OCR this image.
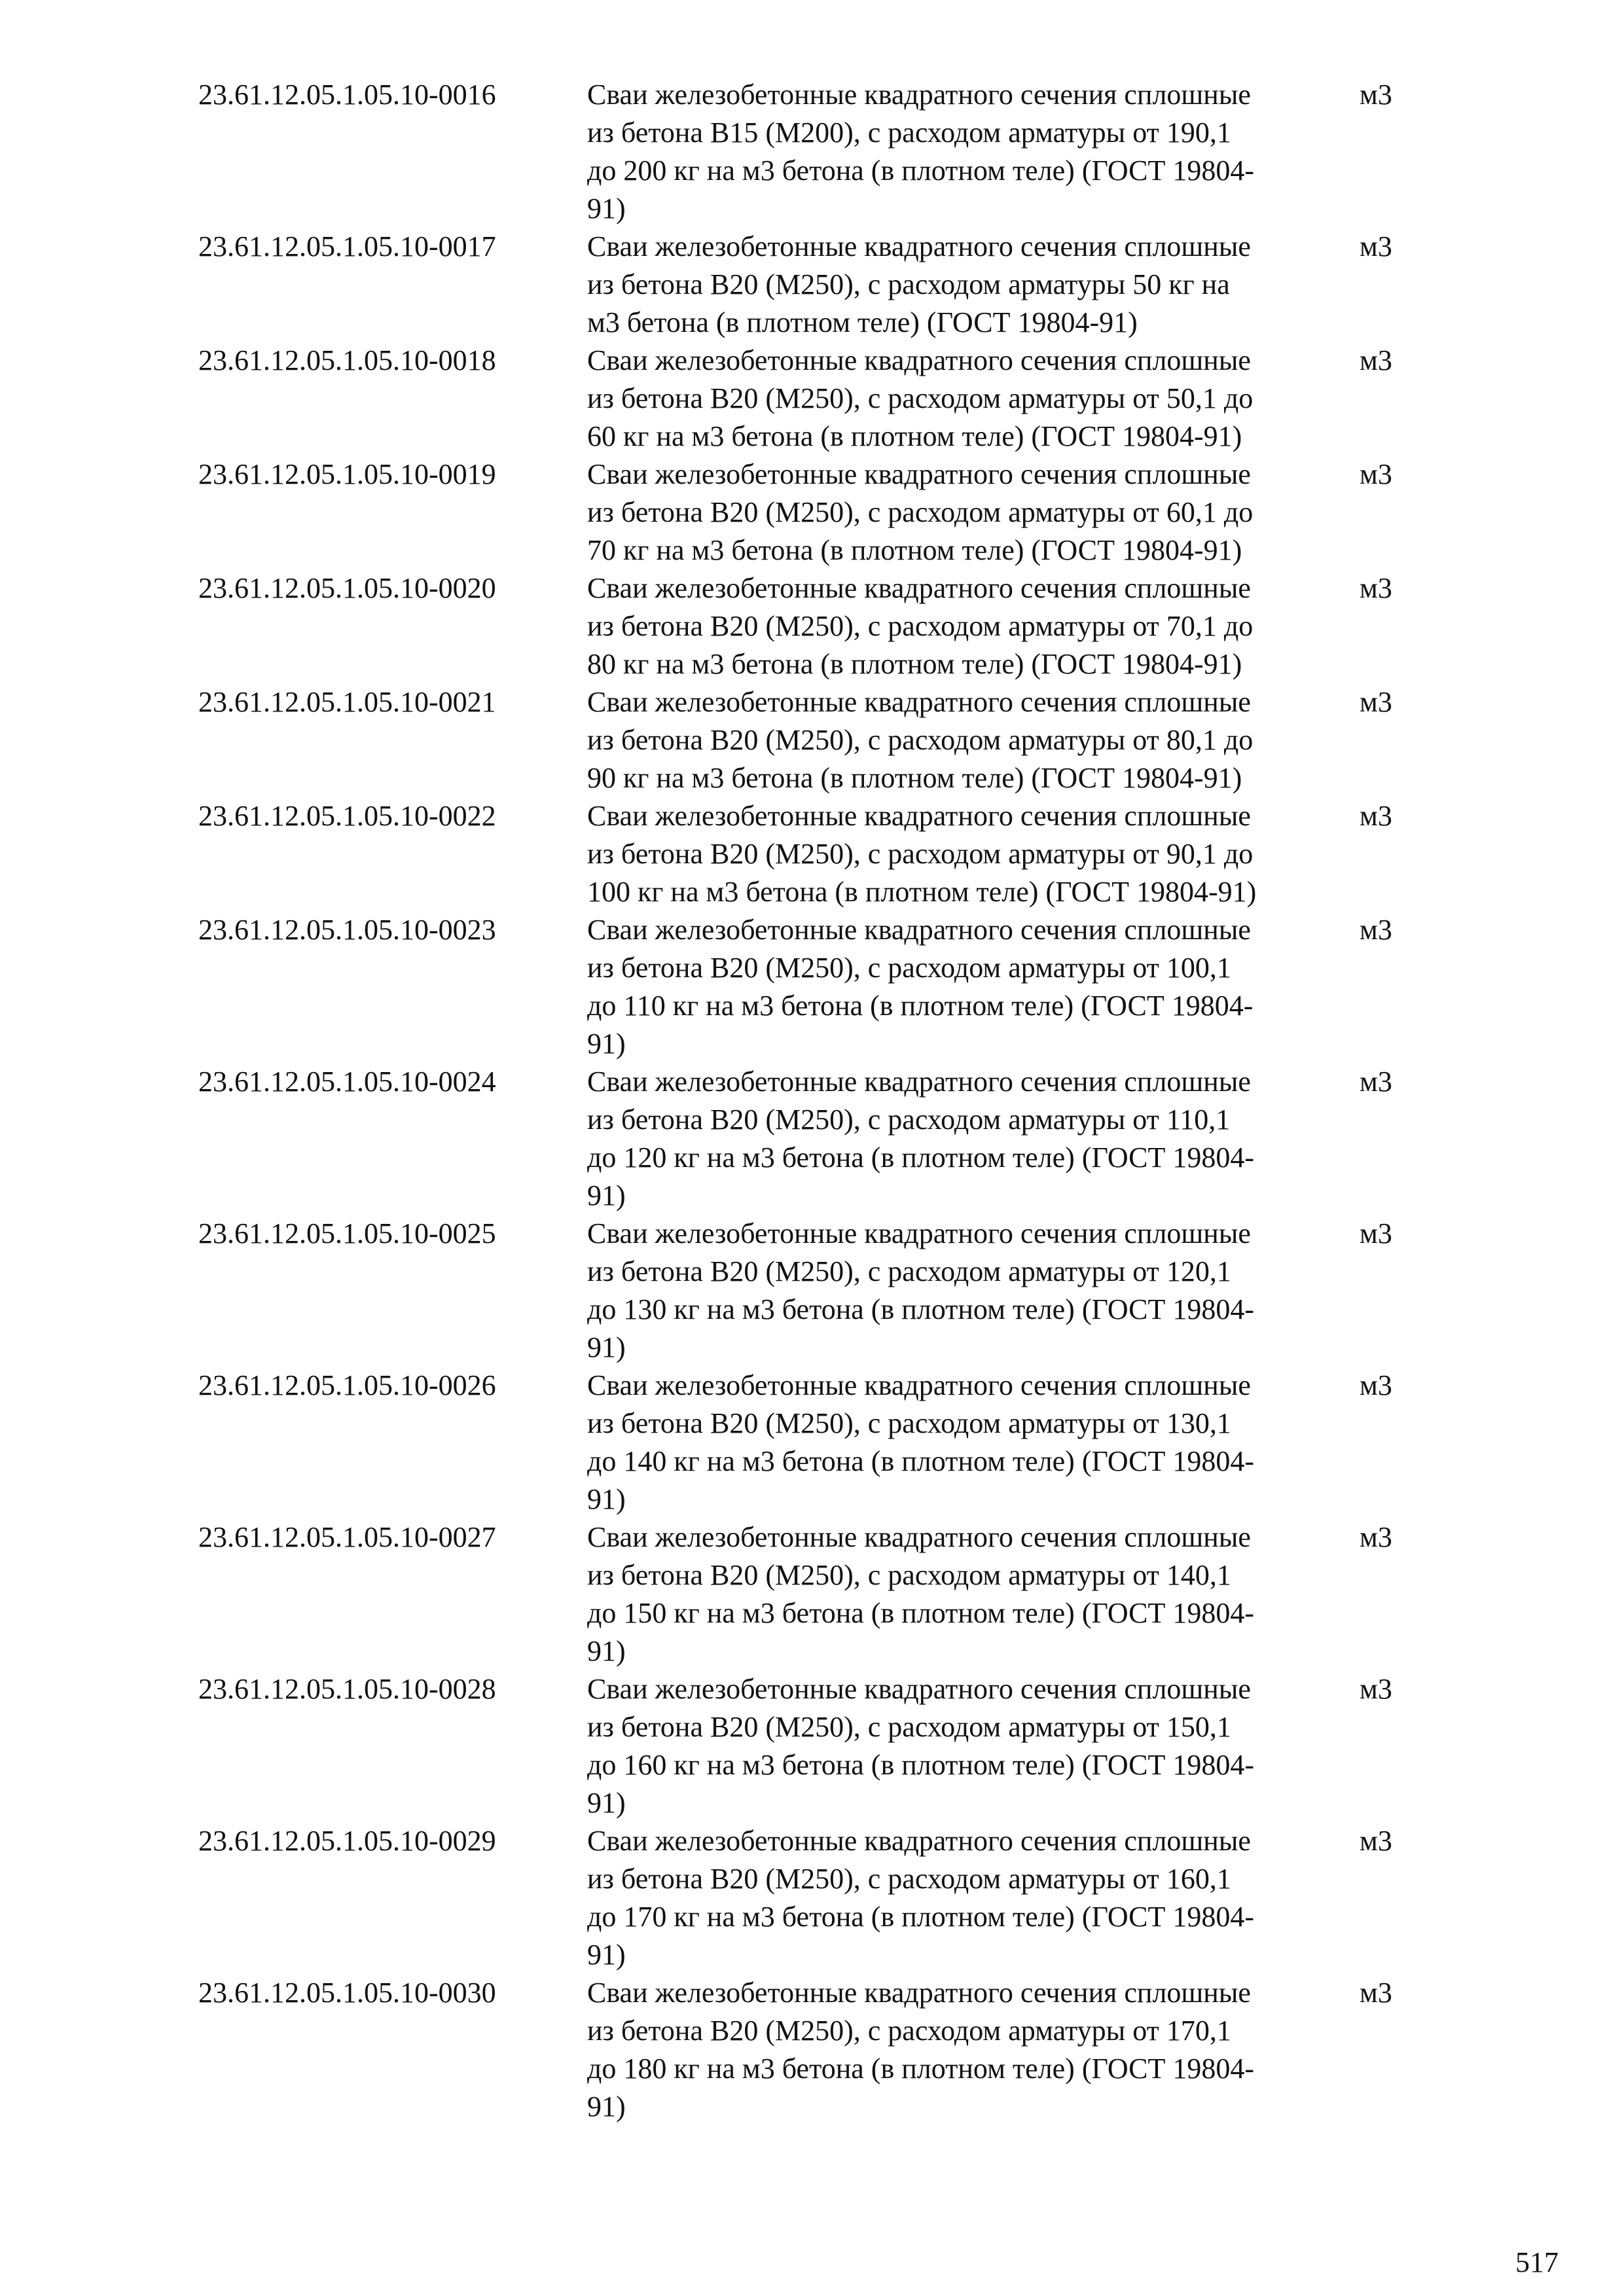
23.61.12.05.1.05.10-0016	Сваи железобетонные квадратного сечения сплошные
из бетона В15 (М200), с расходом арматуры от 190,1
до 200 кг на м3 бетона (в плотном теле) (ГОСТ 19804-
91)
м3
23.61.12.05.1.05.10-0017	Сваи железобетонные квадратного сечения сплошные
из бетона В20 (М250), с расходом арматуры 50 кг на
м3 бетона (в плотном теле) (ГОСТ 19804-91)
м3
23.61.12.05.1.05.10-0018	Сваи железобетонные квадратного сечения сплошные
из бетона В20 (М250), с расходом арматуры от 50,1 до
60 кг на м3 бетона (в плотном теле) (ГОСТ 19804-91)
м3
23.61.12.05.1.05.10-0019	Сваи железобетонные квадратного сечения сплошные
из бетона В20 (М250), с расходом арматуры от 60,1 до
70 кг на м3 бетона (в плотном теле) (ГОСТ 19804-91)
м3
23.61.12.05.1.05.10-0020	Сваи железобетонные квадратного сечения сплошные
из бетона В20 (М250), с расходом арматуры от 70,1 до
80 кг на м3 бетона (в плотном теле) (ГОСТ 19804-91)
м3
23.61.12.05.1.05.10-0021	Сваи железобетонные квадратного сечения сплошные
из бетона В20 (М250), с расходом арматуры от 80,1 до
90 кг на м3 бетона (в плотном теле) (ГОСТ 19804-91)
м3
23.61.12.05.1.05.10-0022	Сваи железобетонные квадратного сечения сплошные
из бетона В20 (М250), с расходом арматуры от 90,1 до
100 кг на м3 бетона (в плотном теле) (ГОСТ 19804-91)
м3
23.61.12.05.1.05.10-0023	Сваи железобетонные квадратного сечения сплошные
из бетона В20 (М250), с расходом арматуры от 100,1
до 110 кг на м3 бетона (в плотном теле) (ГОСТ 19804-
91)
м3
23.61.12.05.1.05.10-0024	Сваи железобетонные квадратного сечения сплошные
из бетона В20 (М250), с расходом арматуры от 110,1
до 120 кг на м3 бетона (в плотном теле) (ГОСТ 19804-
91)
м3
23.61.12.05.1.05.10-0025	Сваи железобетонные квадратного сечения сплошные
из бетона В20 (М250), с расходом арматуры от 120,1
до 130 кг на м3 бетона (в плотном теле) (ГОСТ 19804-
91)
м3
23.61.12.05.1.05.10-0026	Сваи железобетонные квадратного сечения сплошные
из бетона В20 (М250), с расходом арматуры от 130,1
до 140 кг на м3 бетона (в плотном теле) (ГОСТ 19804-
91)
м3
23.61.12.05.1.05.10-0027	Сваи железобетонные квадратного сечения сплошные
из бетона В20 (М250), с расходом арматуры от 140,1
до 150 кг на м3 бетона (в плотном теле) (ГОСТ 19804-
91)
м3
23.61.12.05.1.05.10-0028	Сваи железобетонные квадратного сечения сплошные
из бетона В20 (М250), с расходом арматуры от 150,1
до 160 кг на м3 бетона (в плотном теле) (ГОСТ 19804-
91)
м3
23.61.12.05.1.05.10-0029	Сваи железобетонные квадратного сечения сплошные
из бетона В20 (М250), с расходом арматуры от 160,1
до 170 кг на м3 бетона (в плотном теле) (ГОСТ 19804-
91)
м3
23.61.12.05.1.05.10-0030	Сваи железобетонные квадратного сечения сплошные
из бетона В20 (М250), с расходом арматуры от 170,1
до 180 кг на м3 бетона (в плотном теле) (ГОСТ 19804-
91)
м3
517
